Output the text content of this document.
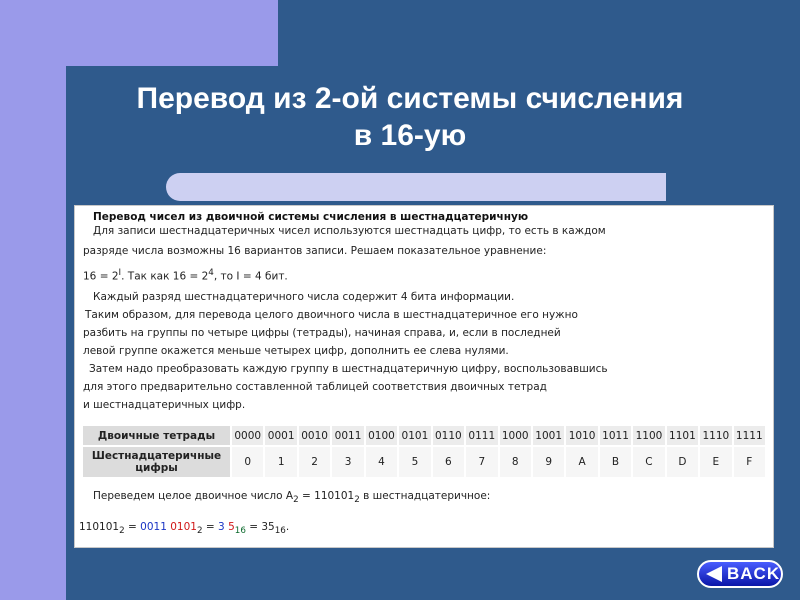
Перевод из 2-ой системы счисления
в 16-ую
Перевод чисел из двоичной системы счисления в шестнадцатеричную
Для записи шестнадцатеричных чисел используются шестнадцать цифр, то есть в каждом
разряде числа возможны 16 вариантов записи. Решаем показательное уравнение:
$16 = 2^I$. Так как $16 = 2^4$, то I = 4 бит.
Каждый разряд шестнадцатеричного числа содержит 4 бита информации.
Таким образом, для перевода целого двоичного числа в шестнадцатеричное его нужно
разбить на группы по четыре цифры (тетрады), начиная справа, и, если в последней
левой группе окажется меньше четырех цифр, дополнить ее слева нулями.
Затем надо преобразовать каждую группу в шестнадцатеричную цифру, воспользовавшись
для этого предварительно составленной таблицей соответствия двоичных тетрад
и шестнадцатеричных цифр.
Двоичные тетрады	0000	0001	0010	0011	0100	0101	0110	0111	1000	1001	1010	1011	1100	1101	1110	1111
Шестнадцатеричные цифры	0	1	2	3	4	5	6	7	8	9	A	B	C	D	E	F
Переведем целое двоичное число $A_2 = 110101_2$ в шестнадцатеричное:
$110101_2 = 0011$ $0101_2 = 3$ $5_{16} = 35_{16}$.
BACK
